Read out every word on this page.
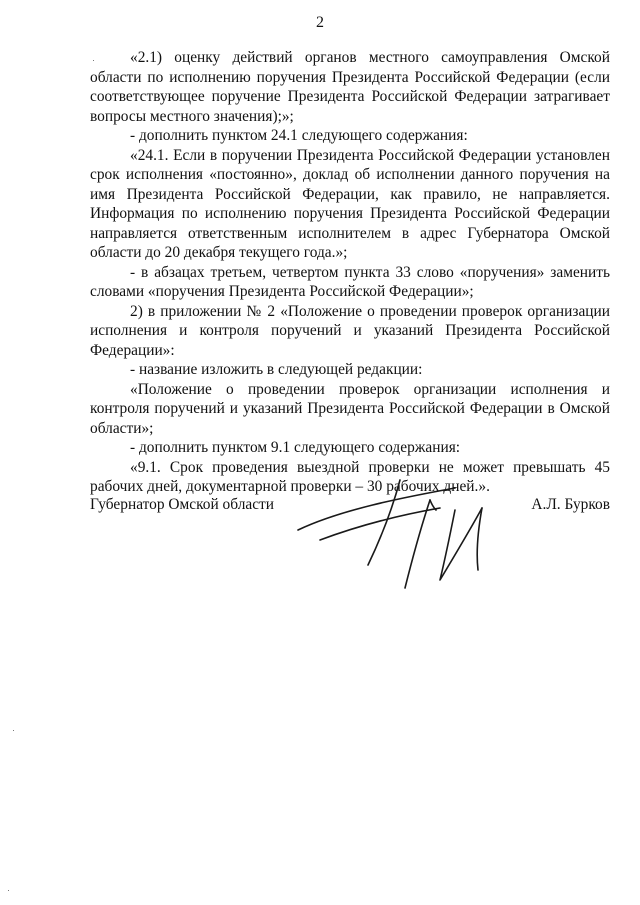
2

«2.1) оценку действий органов местного самоуправления Омской области по исполнению поручения Президента Российской Федерации (если соответствующее поручение Президента Российской Федерации затрагивает вопросы местного значения);»;

- дополнить пунктом 24.1 следующего содержания:

«24.1. Если в поручении Президента Российской Федерации установлен срок исполнения «постоянно», доклад об исполнении данного поручения на имя Президента Российской Федерации, как правило, не направляется. Информация по исполнению поручения Президента Российской Федерации направляется ответственным исполнителем в адрес Губернатора Омской области до 20 декабря текущего года.»;

- в абзацах третьем, четвертом пункта 33 слово «поручения» заменить словами «поручения Президента Российской Федерации»;

2) в приложении № 2 «Положение о проведении проверок организации исполнения и контроля поручений и указаний Президента Российской Федерации»:

- название изложить в следующей редакции:

«Положение о проведении проверок организации исполнения и контроля поручений и указаний Президента Российской Федерации в Омской области»;

- дополнить пунктом 9.1 следующего содержания:

«9.1. Срок проведения выездной проверки не может превышать 45 рабочих дней, документарной проверки – 30 рабочих дней.».

Губернатор Омской области	А.Л. Бурков
